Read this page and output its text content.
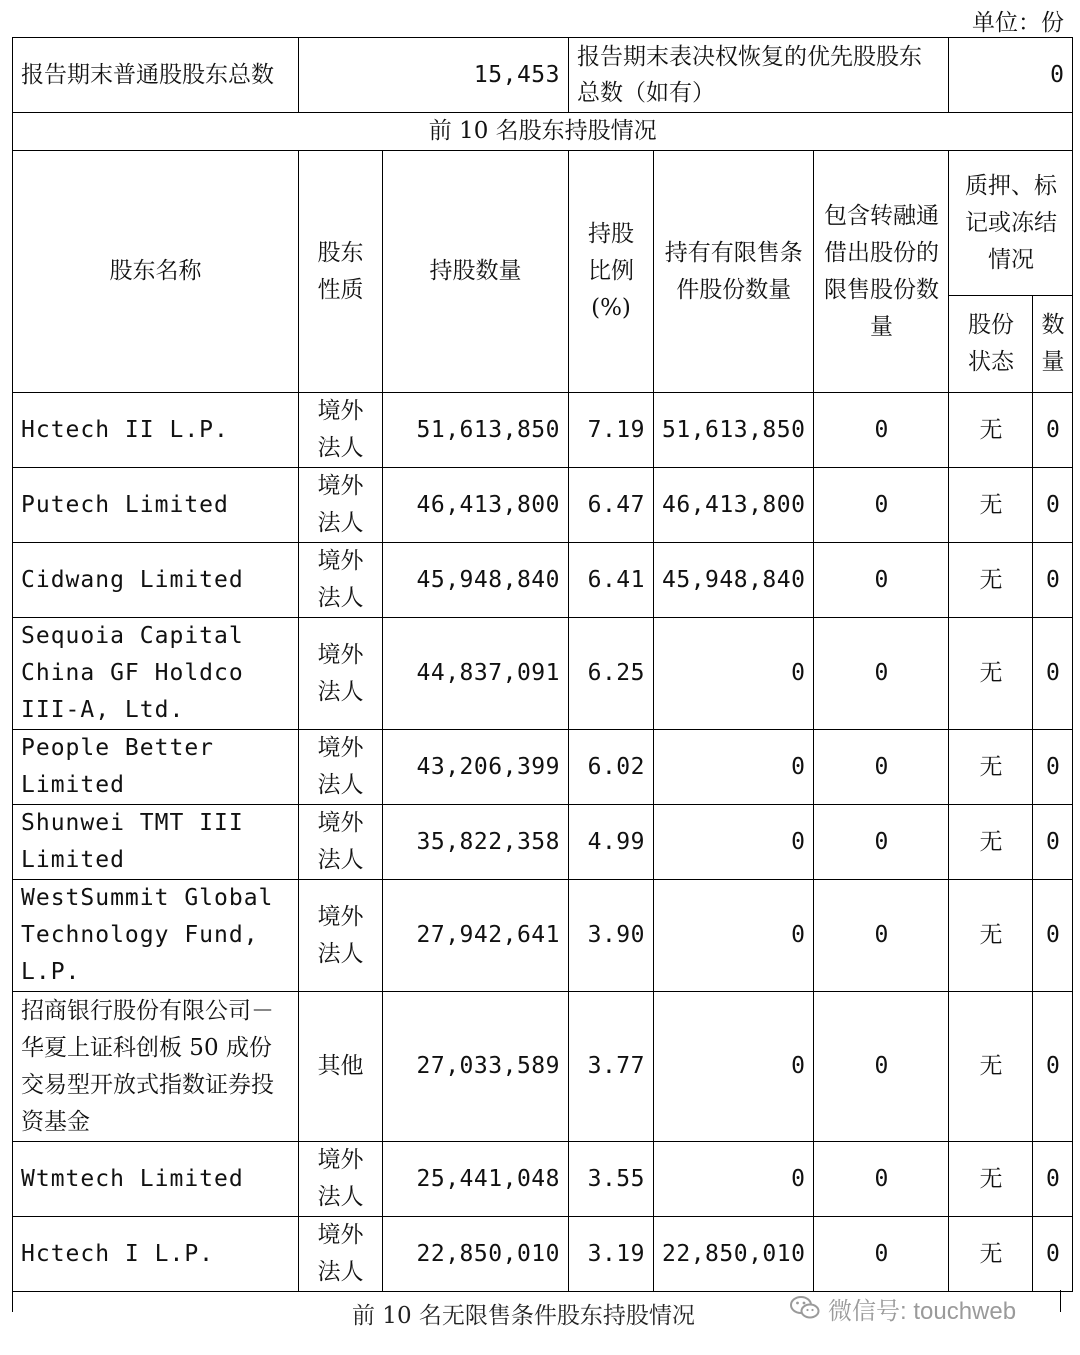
单位：份
报告期末普通股股东总数	15,453		报告期末表决权恢复的优先股股东总数（如有）			0	
前 10 名股东持股情况							
股东名称	股东性质	持股数量	持股比例(%)	持有有限售条件股份数量	包含转融通借出股份的限售股份数量	质押、标记或冻结情况	
						股份状态	数量
Hctech II L.P.	境外法人	51,613,850	7.19	51,613,850	0	无	0
Putech Limited	境外法人	46,413,800	6.47	46,413,800	0	无	0
Cidwang Limited	境外法人	45,948,840	6.41	45,948,840	0	无	0
Sequoia Capital China GF Holdco III-A, Ltd.	境外法人	44,837,091	6.25	0	0	无	0
People Better Limited	境外法人	43,206,399	6.02	0	0	无	0
Shunwei TMT III Limited	境外法人	35,822,358	4.99	0	0	无	0
WestSummit Global Technology Fund, L.P.	境外法人	27,942,641	3.90	0	0	无	0
招商银行股份有限公司－华夏上证科创板 50 成份交易型开放式指数证券投资基金	其他	27,033,589	3.77	0	0	无	0
Wtmtech Limited	境外法人	25,441,048	3.55	0	0	无	0
Hctech I L.P.	境外法人	22,850,010	3.19	22,850,010	0	无	0
前 10 名无限售条件股东持股情况	微信号: touchweb
